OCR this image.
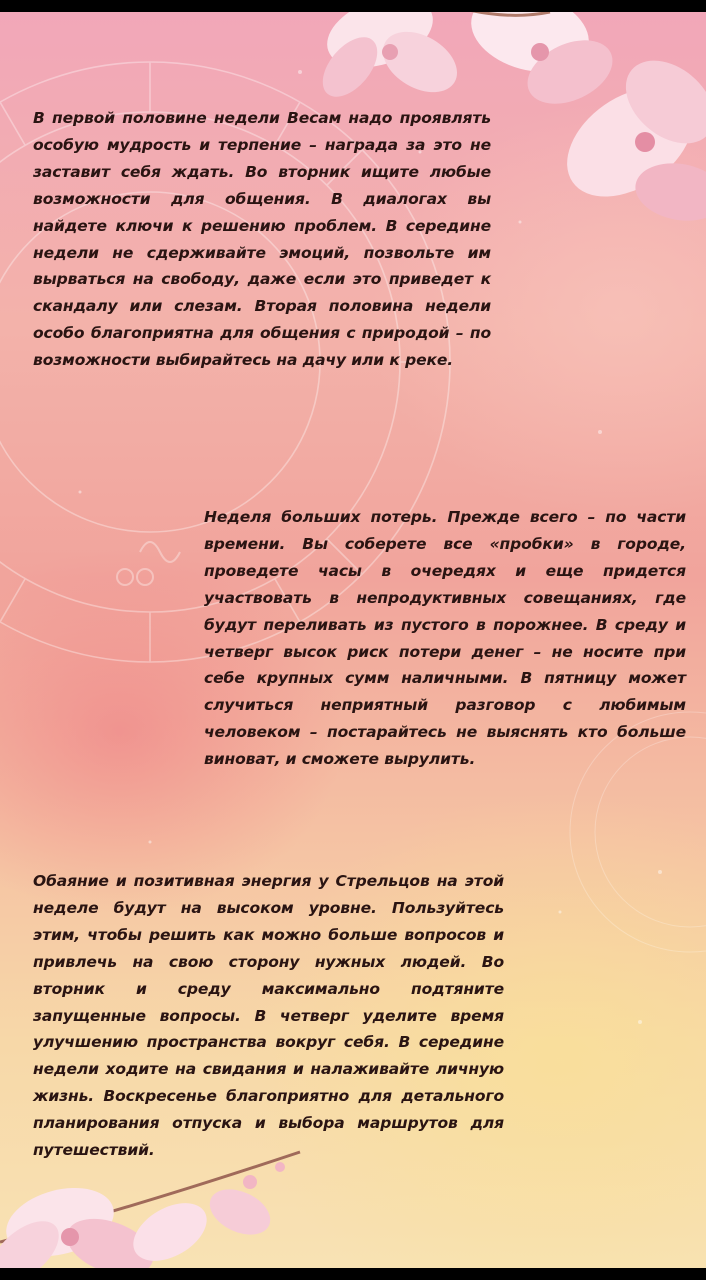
В первой половине недели Весам надо проявлять особую мудрость и терпение – награда за это не заставит себя ждать. Во вторник ищите любые возможности для общения. В диалогах вы найдете ключи к решению проблем. В середине недели не сдерживайте эмоций, позвольте им вырваться на свободу, даже если это приведет к скандалу или слезам. Вторая половина недели особо благоприятна для общения с природой – по возможности выбирайтесь на дачу или к реке.

Неделя больших потерь. Прежде всего – по части времени. Вы соберете все «пробки» в городе, проведете часы в очередях и еще придется участвовать в непродуктивных совещаниях, где будут переливать из пустого в порожнее. В среду и четверг высок риск потери денег – не носите при себе крупных сумм наличными. В пятницу может случиться неприятный разговор с любимым человеком – постарайтесь не выяснять кто больше виноват, и сможете вырулить.

Обаяние и позитивная энергия у Стрельцов на этой неделе будут на высоком уровне. Пользуйтесь этим, чтобы решить как можно больше вопросов и привлечь на свою сторону нужных людей. Во вторник и среду максимально подтяните запущенные вопросы. В четверг уделите время улучшению пространства вокруг себя. В середине недели ходите на свидания и налаживайте личную жизнь. Воскресенье благоприятно для детального планирования отпуска и выбора маршрутов для путешествий.
